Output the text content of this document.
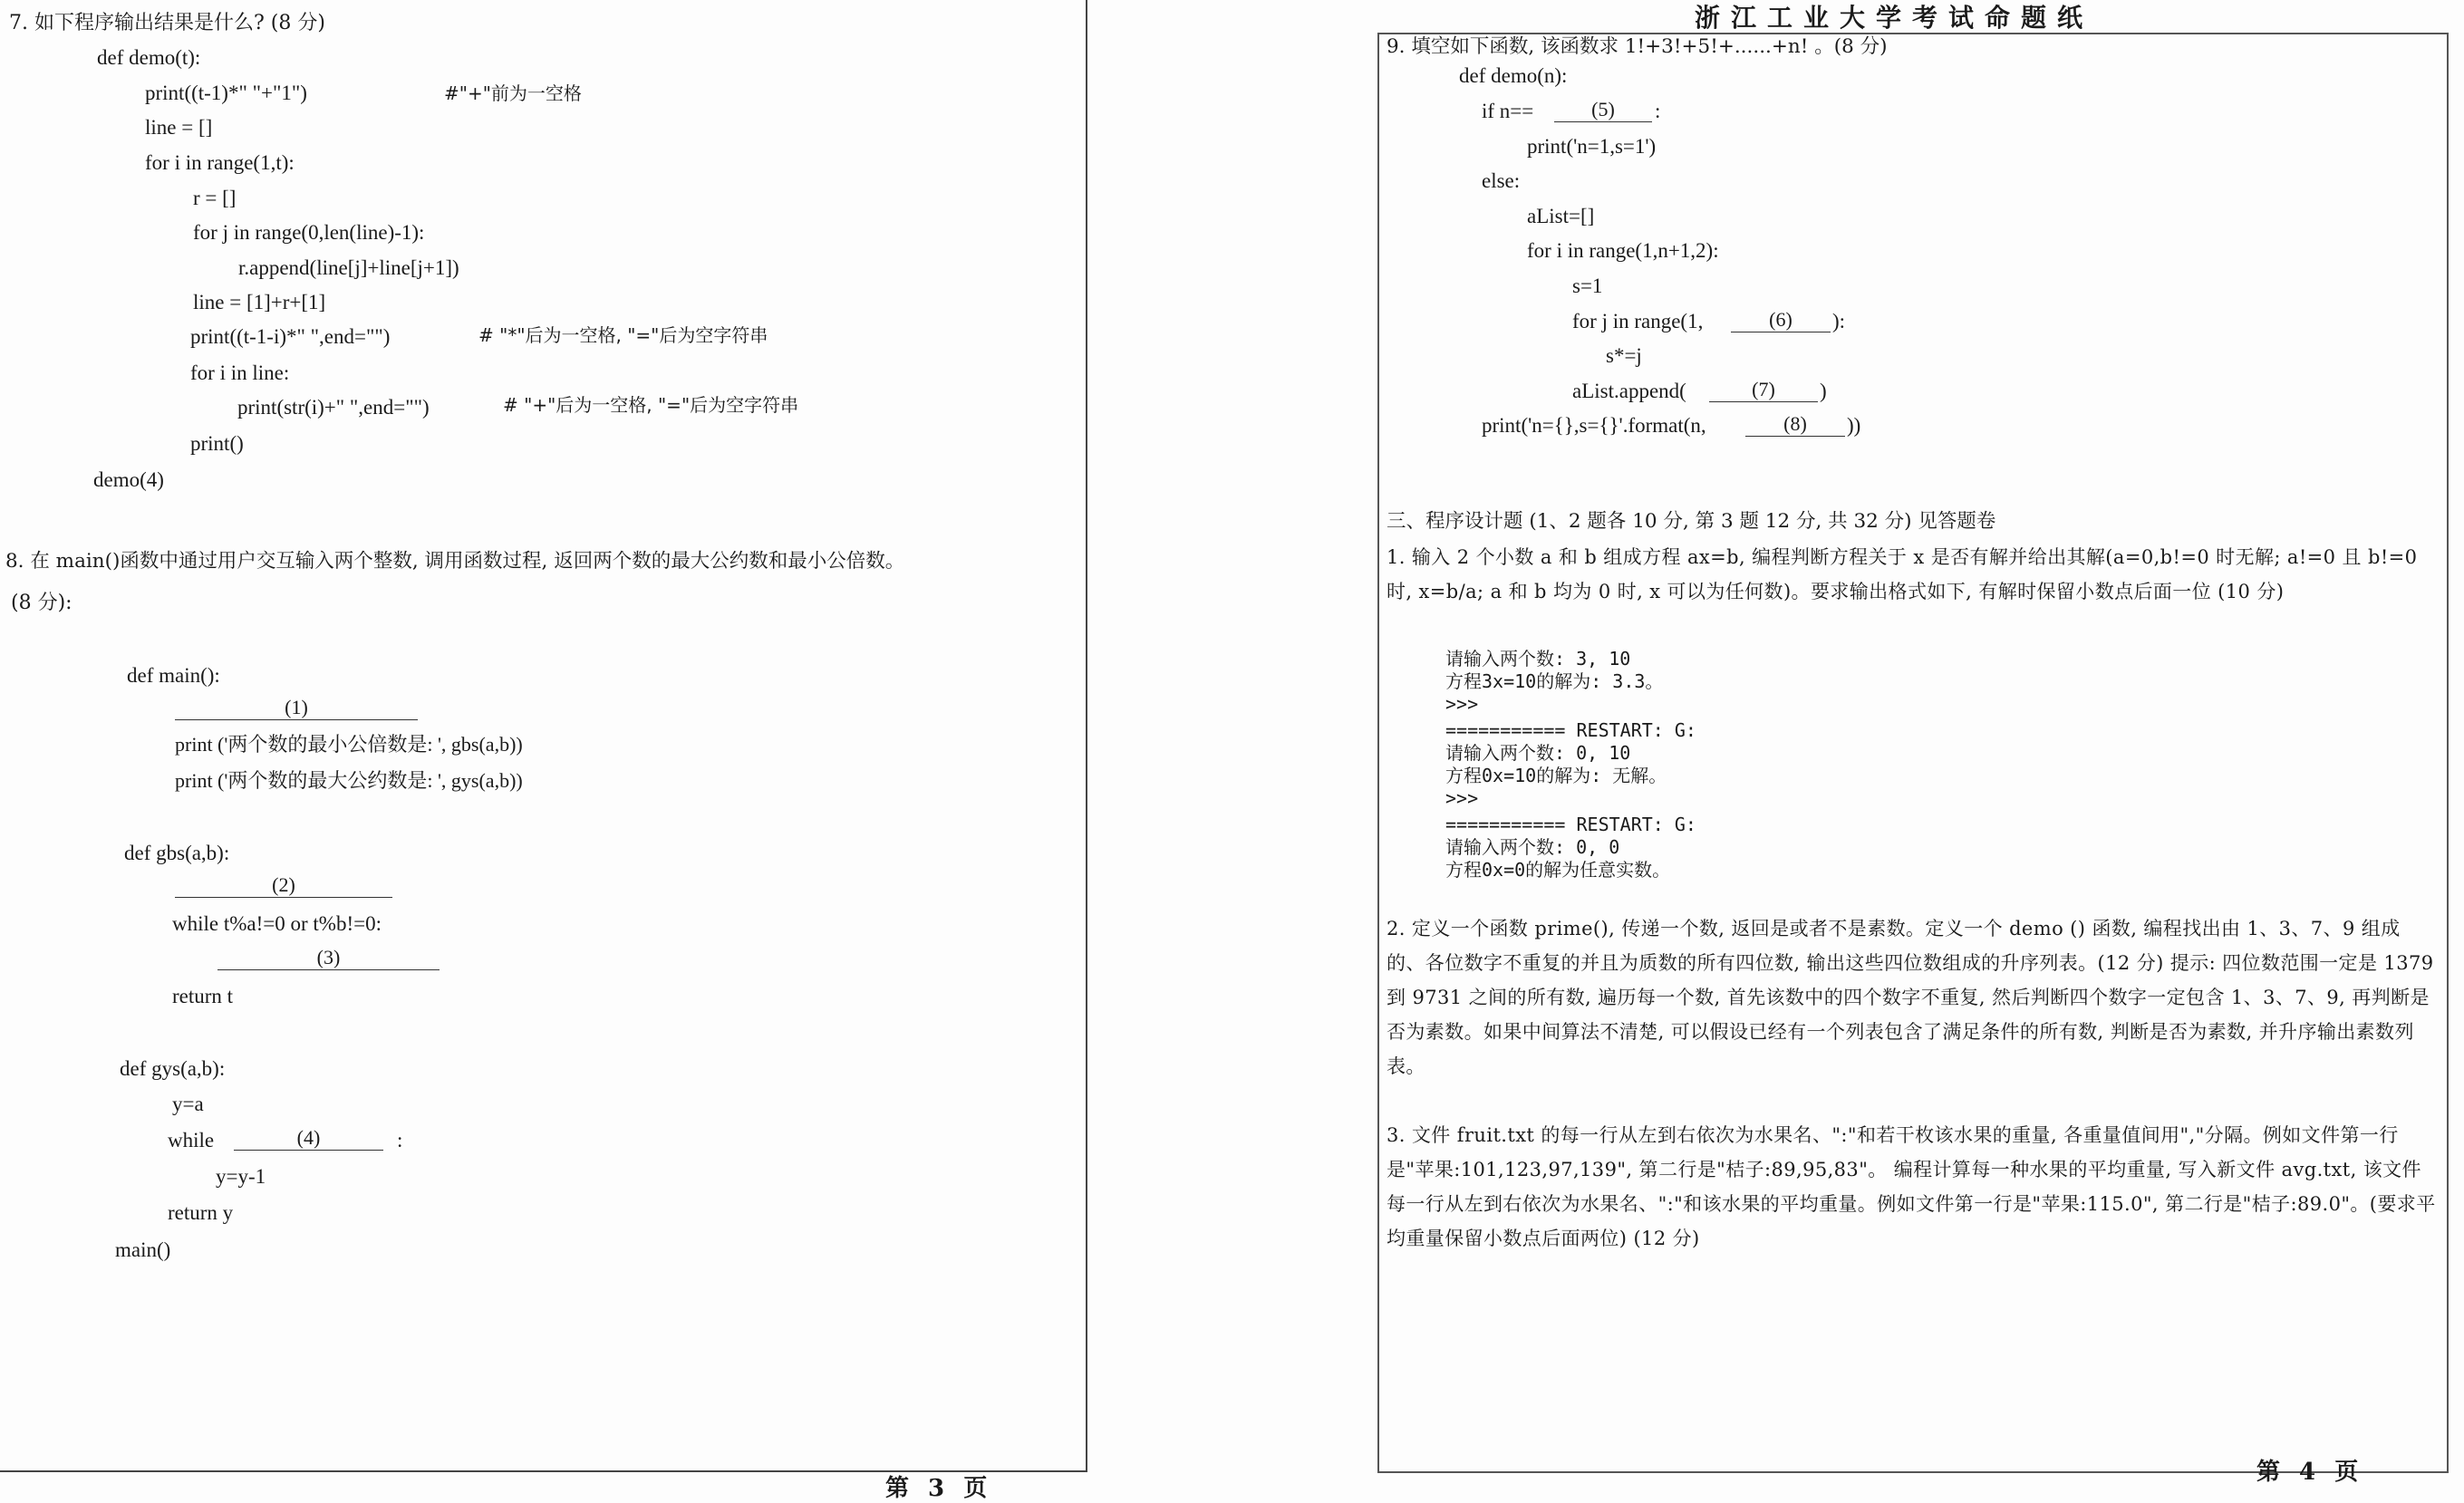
7. 如下程序输出结果是什么? (8 分)
def demo(t):
print((t-1)*" "+"1")	#"+"前为一空格
line = []
for i in range(1,t):
r = []
for j in range(0,len(line)-1):
r.append(line[j]+line[j+1])
line = [1]+r+[1]
print((t-1-i)*" ",end="")	# "*"后为一空格, "="后为空字符串
for i in line:
print(str(i)+" ",end="")	# "+"后为一空格, "="后为空字符串
print()
demo(4)
8. 在 main()函数中通过用户交互输入两个整数, 调用函数过程, 返回两个数的最大公约数和最小公倍数。
(8 分):
def main():
(1)
print ('两个数的最小公倍数是: ', gbs(a,b))
print ('两个数的最大公约数是: ', gys(a,b))
def gbs(a,b):
(2)
while t%a!=0 or t%b!=0:
(3)
return t
def gys(a,b):
y=a
while	(4)	:
y=y-1
return y
main()
第 3 页
浙江工业大学考试命题纸
9. 填空如下函数, 该函数求 1!+3!+5!+......+n! 。(8 分)
def demo(n):
if n==	(5)	:
print('n=1,s=1')
else:
aList=[]
for i in range(1,n+1,2):
s=1
for j in range(1,	(6)	):
s*=j
aList.append(	(7)	)
print('n={},s={}'.format(n,	(8)	))
三、程序设计题 (1、2 题各 10 分, 第 3 题 12 分, 共 32 分) 见答题卷
1. 输入 2 个小数 a 和 b 组成方程 ax=b, 编程判断方程关于 x 是否有解并给出其解(a=0,b!=0 时无解; a!=0 且 b!=0 时, x=b/a; a 和 b 均为 0 时, x 可以为任何数)。要求输出格式如下, 有解时保留小数点后面一位 (10 分)
请输入两个数: 3, 10
方程3x=10的解为: 3.3。
>>>
=========== RESTART: G:
请输入两个数: 0, 10
方程0x=10的解为: 无解。
>>>
=========== RESTART: G:
请输入两个数: 0, 0
方程0x=0的解为任意实数。
2. 定义一个函数 prime(), 传递一个数, 返回是或者不是素数。定义一个 demo () 函数, 编程找出由 1、3、7、9 组成的、各位数字不重复的并且为质数的所有四位数, 输出这些四位数组成的升序列表。(12 分) 提示: 四位数范围一定是 1379 到 9731 之间的所有数, 遍历每一个数, 首先该数中的四个数字不重复, 然后判断四个数字一定包含 1、3、7、9, 再判断是否为素数。如果中间算法不清楚, 可以假设已经有一个列表包含了满足条件的所有数, 判断是否为素数, 并升序输出素数列表。
3. 文件 fruit.txt 的每一行从左到右依次为水果名、":"和若干枚该水果的重量, 各重量值间用","分隔。例如文件第一行是"苹果:101,123,97,139", 第二行是"桔子:89,95,83"。 编程计算每一种水果的平均重量, 写入新文件 avg.txt, 该文件每一行从左到右依次为水果名、":"和该水果的平均重量。例如文件第一行是"苹果:115.0", 第二行是"桔子:89.0"。(要求平均重量保留小数点后面两位) (12 分)
第 4 页
